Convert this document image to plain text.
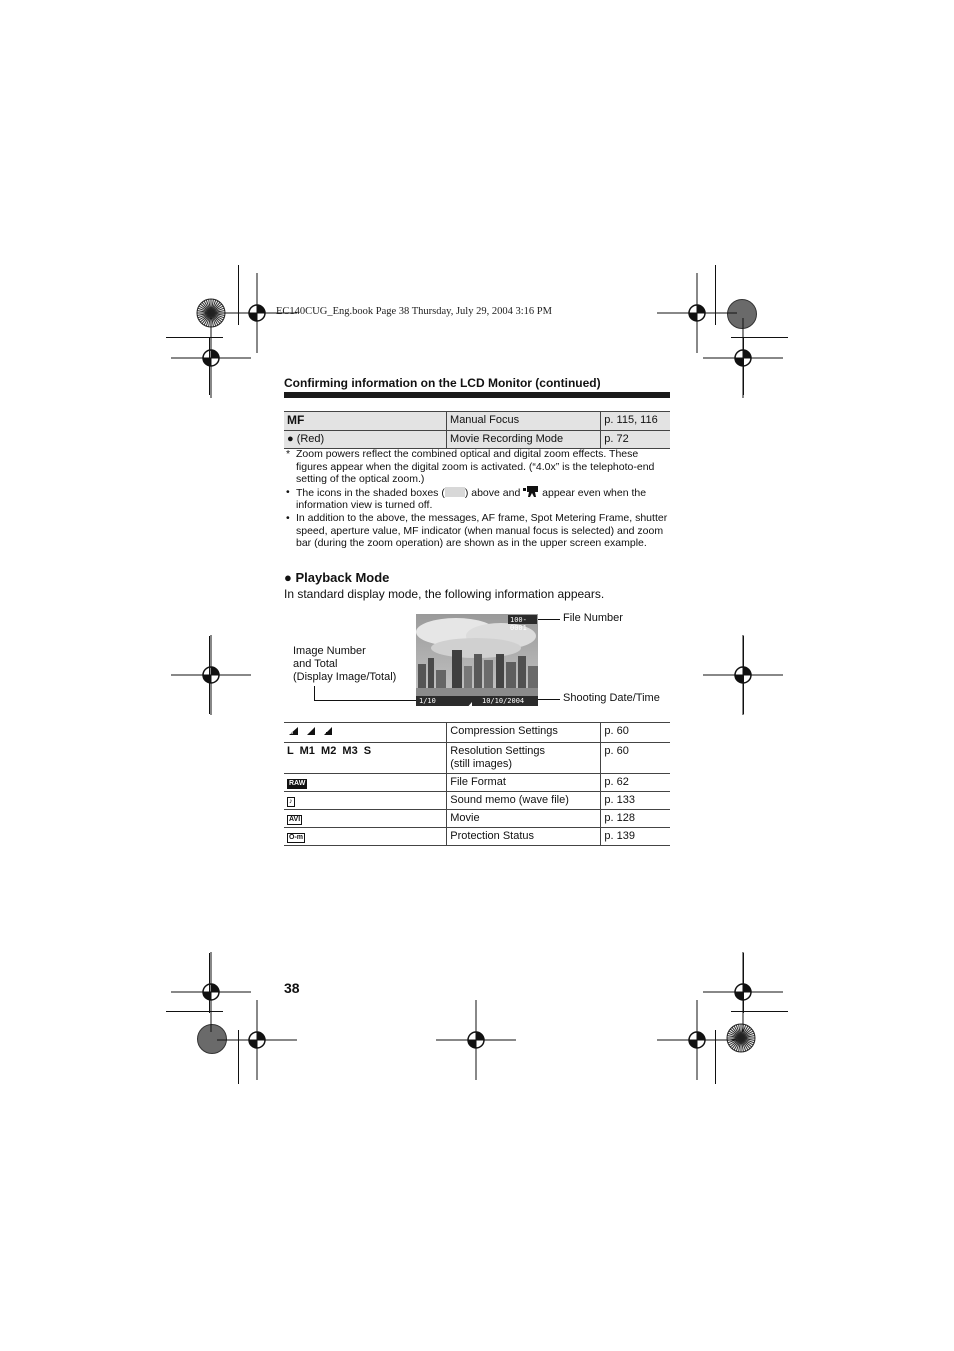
EC140CUG_Eng.book Page 38 Thursday, July 29, 2004 3:16 PM
Confirming information on the LCD Monitor (continued)
MF	Manual Focus	p. 115, 116
● (Red)	Movie Recording Mode	p. 72

* Zoom powers reflect the combined optical and digital zoom effects. These figures appear when the digital zoom is activated. (“4.0x” is the telephoto-end setting of the optical zoom.)

• The icons in the shaded boxes ( ) above and appear even when the information view is turned off.

• In addition to the above, the messages, AF frame, Spot Metering Frame, shutter speed, aperture value, MF indicator (when manual focus is selected) and zoom bar (during the zoom operation) are shown as in the upper screen example.

● Playback Mode
In standard display mode, the following information appears.
100-0001
1/10	10/10/2004 09:30
File Number
Image Number
and Total
(Display Image/Total)
Shooting Date/Time
S	Compression Settings	p. 60
L  M1  M2  M3  S	Resolution Settings
(still images)	p. 60
RAW	File Format	p. 62
♪	Sound memo (wave file)	p. 133
AVI	Movie	p. 128
O-m	Protection Status	p. 139
38
